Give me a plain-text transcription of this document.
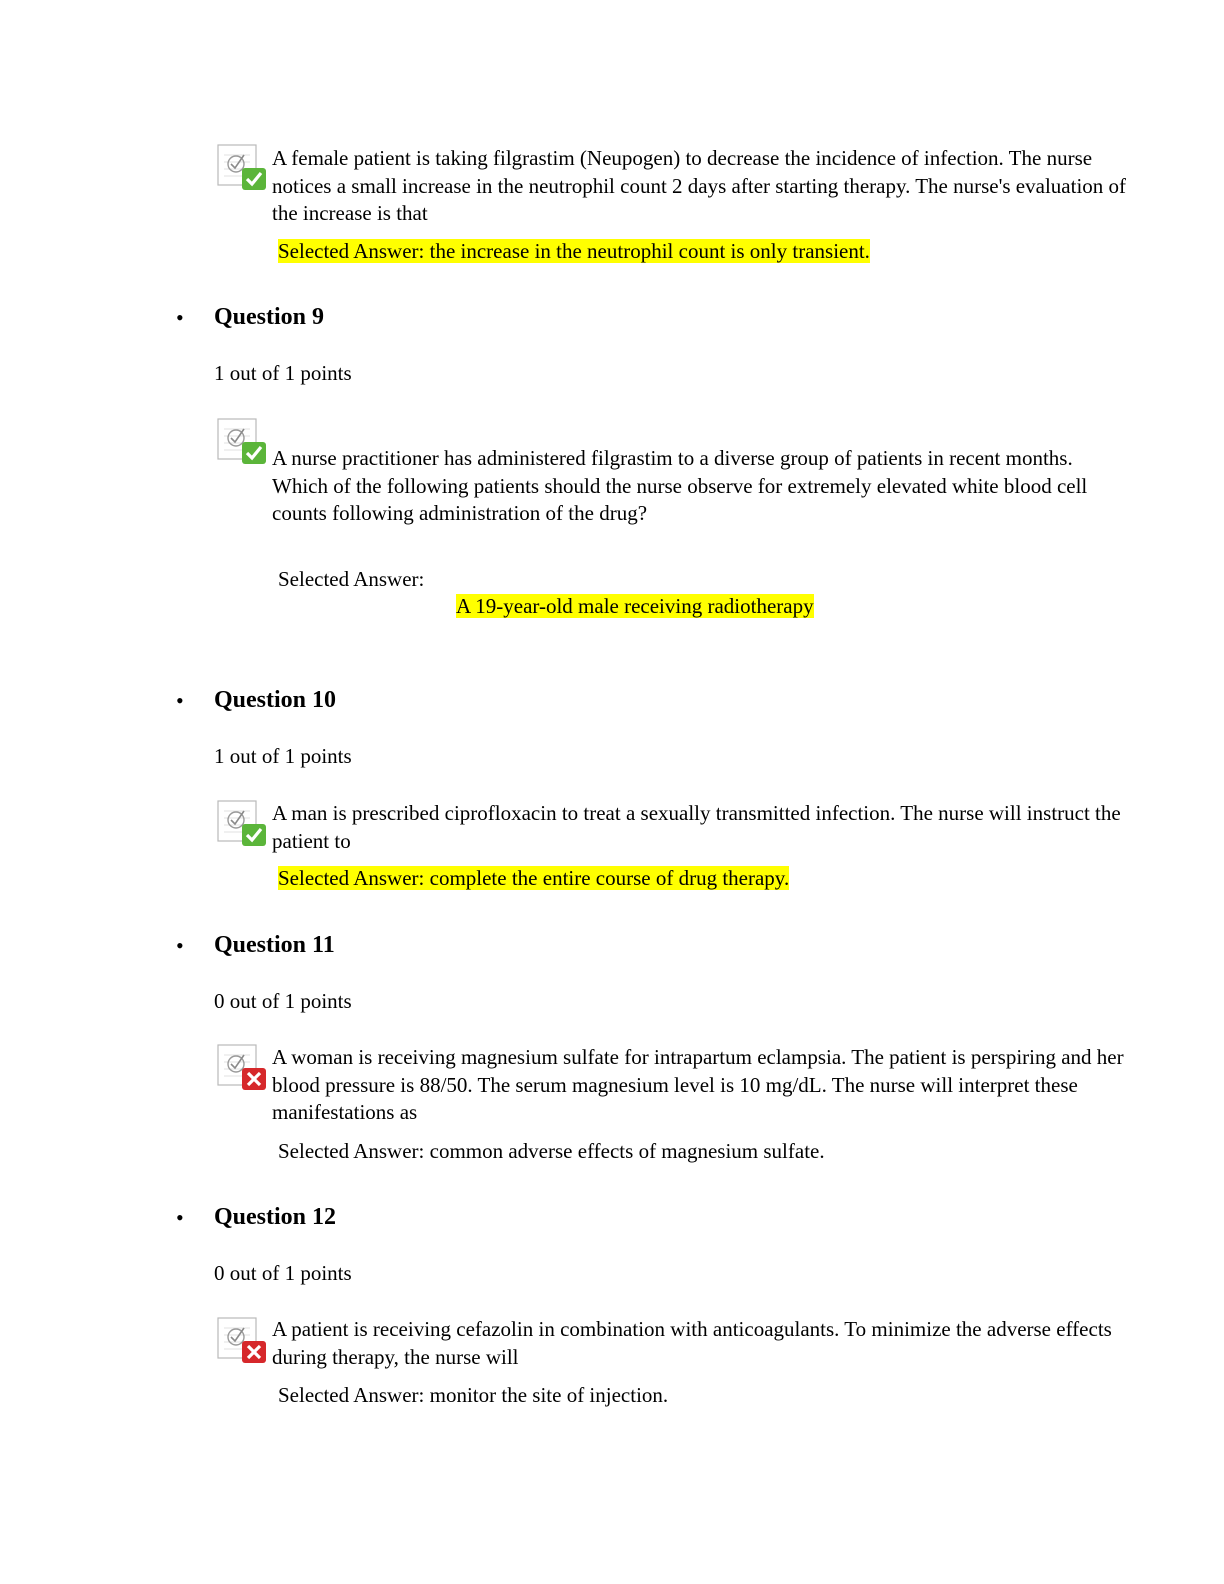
A female patient is taking filgrastim (Neupogen) to decrease the incidence of infection. The nurse notices a small increase in the neutrophil count 2 days after starting therapy. The nurse's evaluation of the increase is that

Selected Answer: the increase in the neutrophil count is only transient.
• Question 9
1 out of 1 points

A nurse practitioner has administered filgrastim to a diverse group of patients in recent months. Which of the following patients should the nurse observe for extremely elevated white blood cell counts following administration of the drug?

Selected Answer:
A 19-year-old male receiving radiotherapy
• Question 10
1 out of 1 points

A man is prescribed ciprofloxacin to treat a sexually transmitted infection. The nurse will instruct the patient to

Selected Answer: complete the entire course of drug therapy.
• Question 11
0 out of 1 points

A woman is receiving magnesium sulfate for intrapartum eclampsia. The patient is perspiring and her blood pressure is 88/50. The serum magnesium level is 10 mg/dL. The nurse will interpret these manifestations as

Selected Answer: common adverse effects of magnesium sulfate.
• Question 12
0 out of 1 points

A patient is receiving cefazolin in combination with anticoagulants. To minimize the adverse effects during therapy, the nurse will

Selected Answer: monitor the site of injection.
